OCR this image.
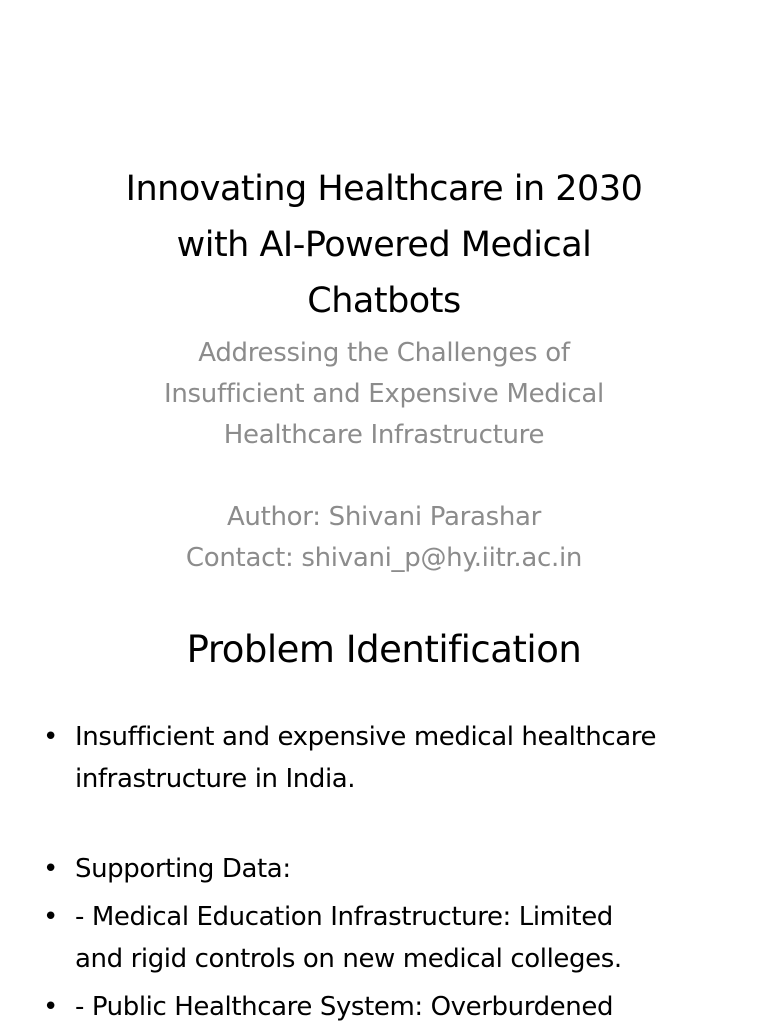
Innovating Healthcare in 2030
with AI-Powered Medical
Chatbots
Addressing the Challenges of
Insufficient and Expensive Medical
Healthcare Infrastructure
Author: Shivani Parashar
Contact: shivani_p@hy.iitr.ac.in
Problem Identification
• Insufficient and expensive medical healthcare
infrastructure in India.
• Supporting Data:
• - Medical Education Infrastructure: Limited
and rigid controls on new medical colleges.
• - Public Healthcare System: Overburdened
